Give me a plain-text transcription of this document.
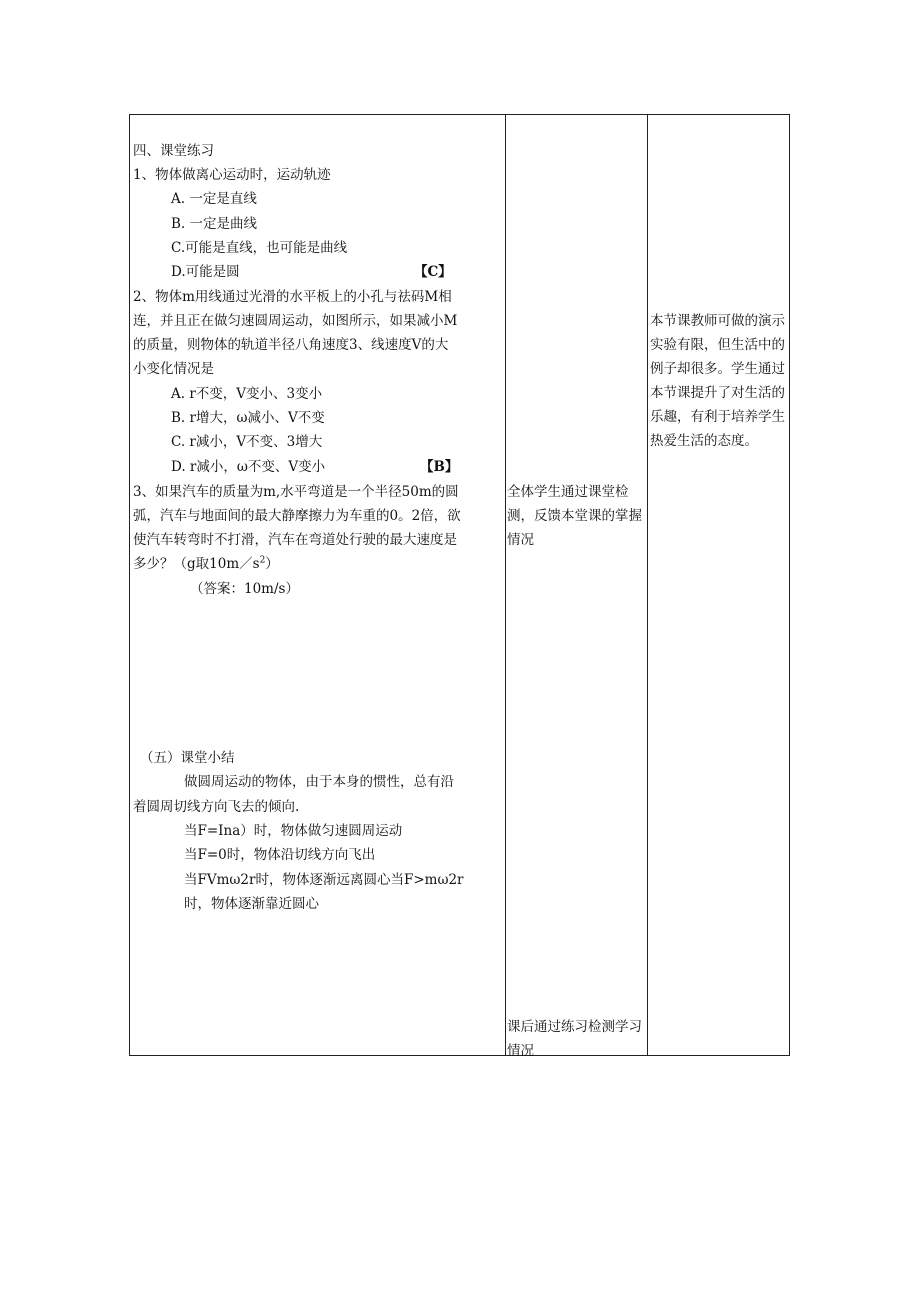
四、课堂练习
1、物体做离心运动时，运动轨迹
A. 一定是直线
B. 一定是曲线
C.可能是直线，也可能是曲线
D.可能是圆	【C】
2、物体m用线通过光滑的水平板上的小孔与祛码M相
连，并且正在做匀速圆周运动，如图所示，如果减小M
的质量，则物体的轨道半径八角速度3、线速度V的大
小变化情况是
A. r不变，V变小、3变小
B. r增大，ω减小、V不变
C. r减小，V不变、3增大
D. r减小，ω不变、V变小	【B】
3、如果汽车的质量为m,水平弯道是一个半径50m的圆
弧，汽车与地面间的最大静摩擦力为车重的0。2倍，欲
使汽车转弯时不打滑，汽车在弯道处行驶的最大速度是
多少？（g取$10m/s^2$）
（答案：10m/s）
（五）课堂小结
做圆周运动的物体，由于本身的惯性，总有沿
着圆周切线方向飞去的倾向.
当F=Ina）时，物体做匀速圆周运动
当F=0时，物体沿切线方向飞出
当FVmω2r时，物体逐渐远离圆心当F>mω2r
时，物体逐渐靠近圆心
全体学生通过课堂检测，反馈本堂课的掌握情况
课后通过练习检测学习情况
本节课教师可做的演示实验有限，但生活中的例子却很多。学生通过本节课提升了对生活的乐趣，有利于培养学生热爱生活的态度。
